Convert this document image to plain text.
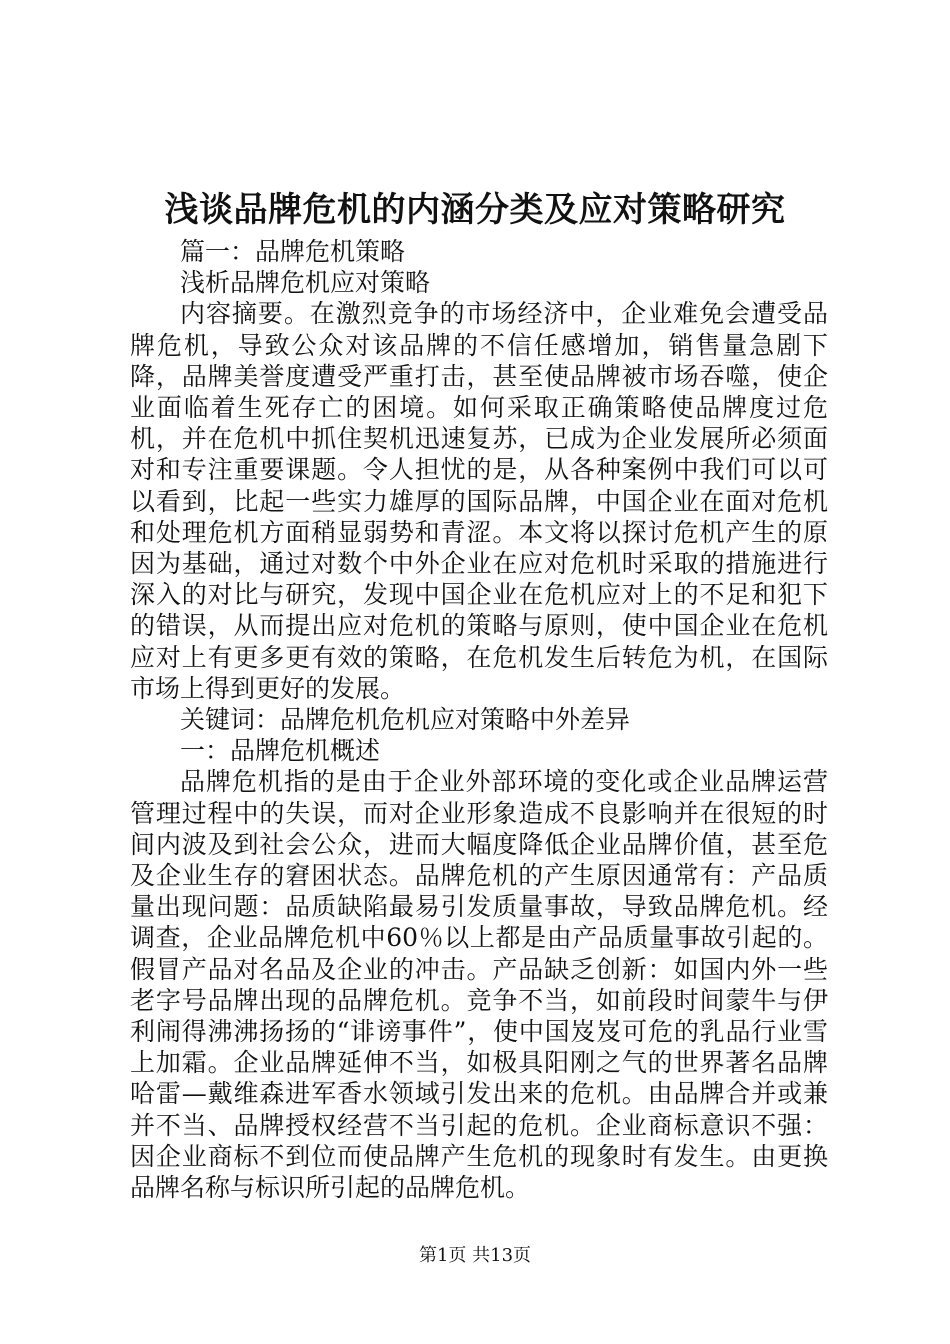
浅谈品牌危机的内涵分类及应对策略研究

篇一：品牌危机策略

浅析品牌危机应对策略

内容摘要。在激烈竞争的市场经济中，企业难免会遭受品牌危机，导致公众对该品牌的不信任感增加，销售量急剧下降，品牌美誉度遭受严重打击，甚至使品牌被市场吞噬，使企业面临着生死存亡的困境。如何采取正确策略使品牌度过危机，并在危机中抓住契机迅速复苏，已成为企业发展所必须面对和专注重要课题。令人担忧的是，从各种案例中我们可以可以看到，比起一些实力雄厚的国际品牌，中国企业在面对危机和处理危机方面稍显弱势和青涩。本文将以探讨危机产生的原因为基础，通过对数个中外企业在应对危机时采取的措施进行深入的对比与研究，发现中国企业在危机应对上的不足和犯下的错误，从而提出应对危机的策略与原则，使中国企业在危机应对上有更多更有效的策略，在危机发生后转危为机，在国际市场上得到更好的发展。

关键词：品牌危机危机应对策略中外差异

一：品牌危机概述

品牌危机指的是由于企业外部环境的变化或企业品牌运营管理过程中的失误，而对企业形象造成不良影响并在很短的时间内波及到社会公众，进而大幅度降低企业品牌价值，甚至危及企业生存的窘困状态。品牌危机的产生原因通常有：产品质量出现问题：品质缺陷最易引发质量事故，导致品牌危机。经调查，企业品牌危机中60％以上都是由产品质量事故引起的。假冒产品对名品及企业的冲击。产品缺乏创新：如国内外一些老字号品牌出现的品牌危机。竞争不当，如前段时间蒙牛与伊利闹得沸沸扬扬的“诽谤事件”，使中国岌岌可危的乳品行业雪上加霜。企业品牌延伸不当，如极具阳刚之气的世界著名品牌哈雷—戴维森进军香水领域引发出来的危机。由品牌合并或兼并不当、品牌授权经营不当引起的危机。企业商标意识不强：因企业商标不到位而使品牌产生危机的现象时有发生。由更换品牌名称与标识所引起的品牌危机。

第1页 共13页
